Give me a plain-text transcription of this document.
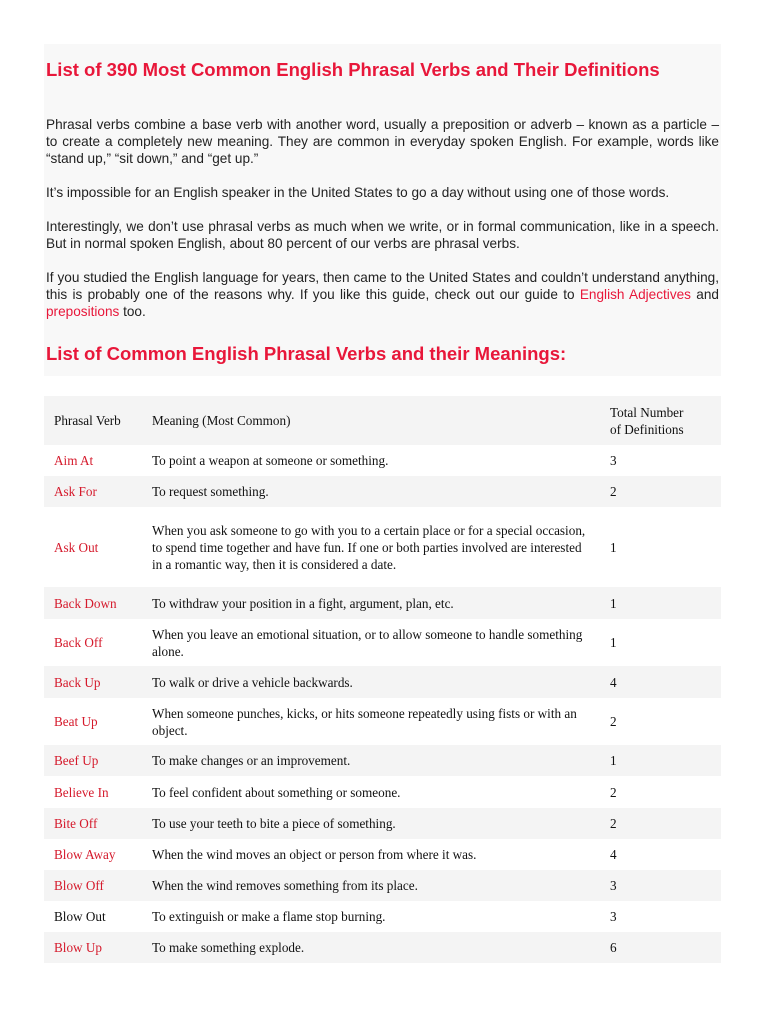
List of 390 Most Common English Phrasal Verbs and Their Definitions

Phrasal verbs combine a base verb with another word, usually a preposition or adverb – known as a particle – to create a completely new meaning. They are common in everyday spoken English. For example, words like “stand up,” “sit down,” and “get up.”

It’s impossible for an English speaker in the United States to go a day without using one of those words.

Interestingly, we don’t use phrasal verbs as much when we write, or in formal communication, like in a speech. But in normal spoken English, about 80 percent of our verbs are phrasal verbs.

If you studied the English language for years, then came to the United States and couldn’t understand anything, this is probably one of the reasons why. If you like this guide, check out our guide to English Adjectives and prepositions too.

List of Common English Phrasal Verbs and their Meanings:
Phrasal Verb	Meaning (Most Common)	Total Number
of Definitions
Aim At	To point a weapon at someone or something.	3
Ask For	To request something.	2
Ask Out	When you ask someone to go with you to a certain place or for a special occasion, to spend time together and have fun. If one or both parties involved are interested in a romantic way, then it is considered a date.	1
Back Down	To withdraw your position in a fight, argument, plan, etc.	1
Back Off	When you leave an emotional situation, or to allow someone to handle something alone.	1
Back Up	To walk or drive a vehicle backwards.	4
Beat Up	When someone punches, kicks, or hits someone repeatedly using fists or with an object.	2
Beef Up	To make changes or an improvement.	1
Believe In	To feel confident about something or someone.	2
Bite Off	To use your teeth to bite a piece of something.	2
Blow Away	When the wind moves an object or person from where it was.	4
Blow Off	When the wind removes something from its place.	3
Blow Out	To extinguish or make a flame stop burning.	3
Blow Up	To make something explode.	6
